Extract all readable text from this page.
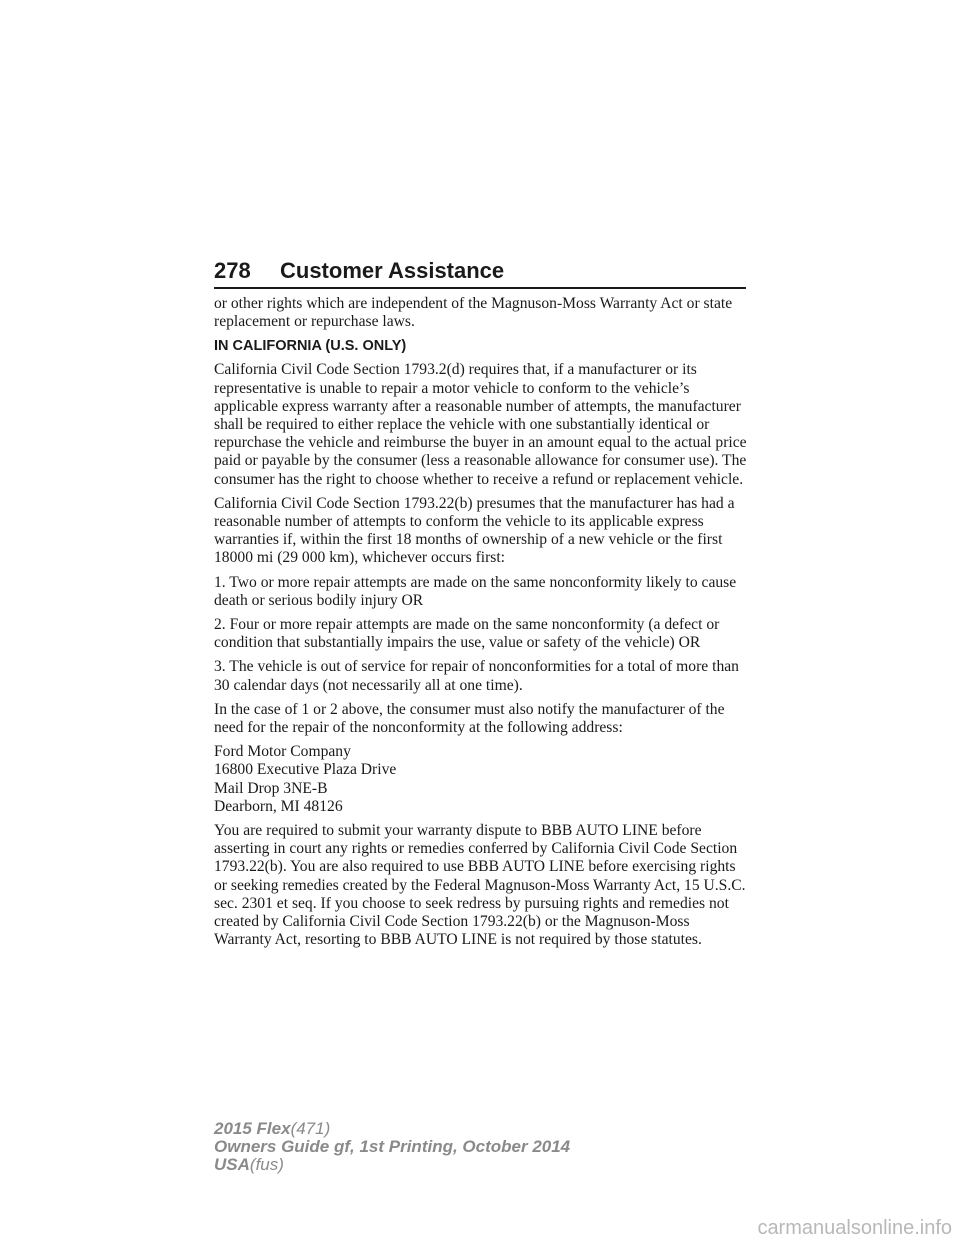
278 Customer Assistance

or other rights which are independent of the Magnuson-Moss Warranty Act or state replacement or repurchase laws.

IN CALIFORNIA (U.S. ONLY)

California Civil Code Section 1793.2(d) requires that, if a manufacturer or its representative is unable to repair a motor vehicle to conform to the vehicle’s applicable express warranty after a reasonable number of attempts, the manufacturer shall be required to either replace the vehicle with one substantially identical or repurchase the vehicle and reimburse the buyer in an amount equal to the actual price paid or payable by the consumer (less a reasonable allowance for consumer use). The consumer has the right to choose whether to receive a refund or replacement vehicle.

California Civil Code Section 1793.22(b) presumes that the manufacturer has had a reasonable number of attempts to conform the vehicle to its applicable express warranties if, within the first 18 months of ownership of a new vehicle or the first 18000 mi (29 000 km), whichever occurs first:

1. Two or more repair attempts are made on the same nonconformity likely to cause death or serious bodily injury OR

2. Four or more repair attempts are made on the same nonconformity (a defect or condition that substantially impairs the use, value or safety of the vehicle) OR

3. The vehicle is out of service for repair of nonconformities for a total of more than 30 calendar days (not necessarily all at one time).

In the case of 1 or 2 above, the consumer must also notify the manufacturer of the need for the repair of the nonconformity at the following address:

Ford Motor Company
16800 Executive Plaza Drive
Mail Drop 3NE-B
Dearborn, MI 48126

You are required to submit your warranty dispute to BBB AUTO LINE before asserting in court any rights or remedies conferred by California Civil Code Section 1793.22(b). You are also required to use BBB AUTO LINE before exercising rights or seeking remedies created by the Federal Magnuson-Moss Warranty Act, 15 U.S.C. sec. 2301 et seq. If you choose to seek redress by pursuing rights and remedies not created by California Civil Code Section 1793.22(b) or the Magnuson-Moss Warranty Act, resorting to BBB AUTO LINE is not required by those statutes.

2015 Flex(471)
Owners Guide gf, 1st Printing, October 2014
USA(fus)
carmanualsonline.info
